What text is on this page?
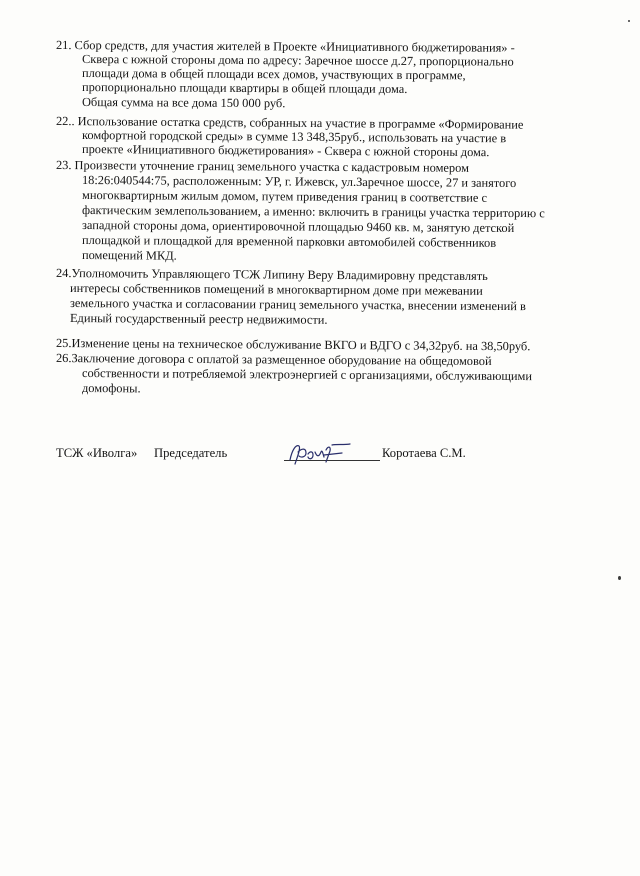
21. Сбор средств, для участия жителей в Проекте «Инициативного бюджетирования» -
Сквера с южной стороны дома по адресу: Заречное шоссе д.27, пропорционально
площади дома в общей площади всех домов, участвующих в программе,
пропорционально площади квартиры в общей площади дома.
Общая сумма на все дома 150 000 руб.
22.. Использование остатка средств, собранных на участие в программе «Формирование
комфортной городской среды» в сумме 13 348,35руб., использовать на участие в
проекте «Инициативного бюджетирования» - Сквера с южной стороны дома.
23. Произвести уточнение границ земельного участка с кадастровым номером
18:26:040544:75, расположенным: УР, г. Ижевск, ул.Заречное шоссе, 27 и занятого
многоквартирным жилым домом, путем приведения границ в соответствие с
фактическим землепользованием, а именно: включить в границы участка территорию с
западной стороны дома, ориентировочной площадью 9460 кв. м, занятую детской
площадкой и площадкой для временной парковки автомобилей собственников
помещений МКД.
24.Уполномочить Управляющего ТСЖ Липину Веру Владимировну представлять
интересы собственников помещений в многоквартирном доме при межевании
земельного участка и согласовании границ земельного участка, внесении изменений в
Единый государственный реестр недвижимости.
25.Изменение цены на техническое обслуживание ВКГО и ВДГО с 34,32руб. на 38,50руб.
26.Заключение договора с оплатой за размещенное оборудование на общедомовой
собственности и потребляемой электроэнергией с организациями, обслуживающими
домофоны.
ТСЖ «Иволга» Председатель	Коротаева С.М.
